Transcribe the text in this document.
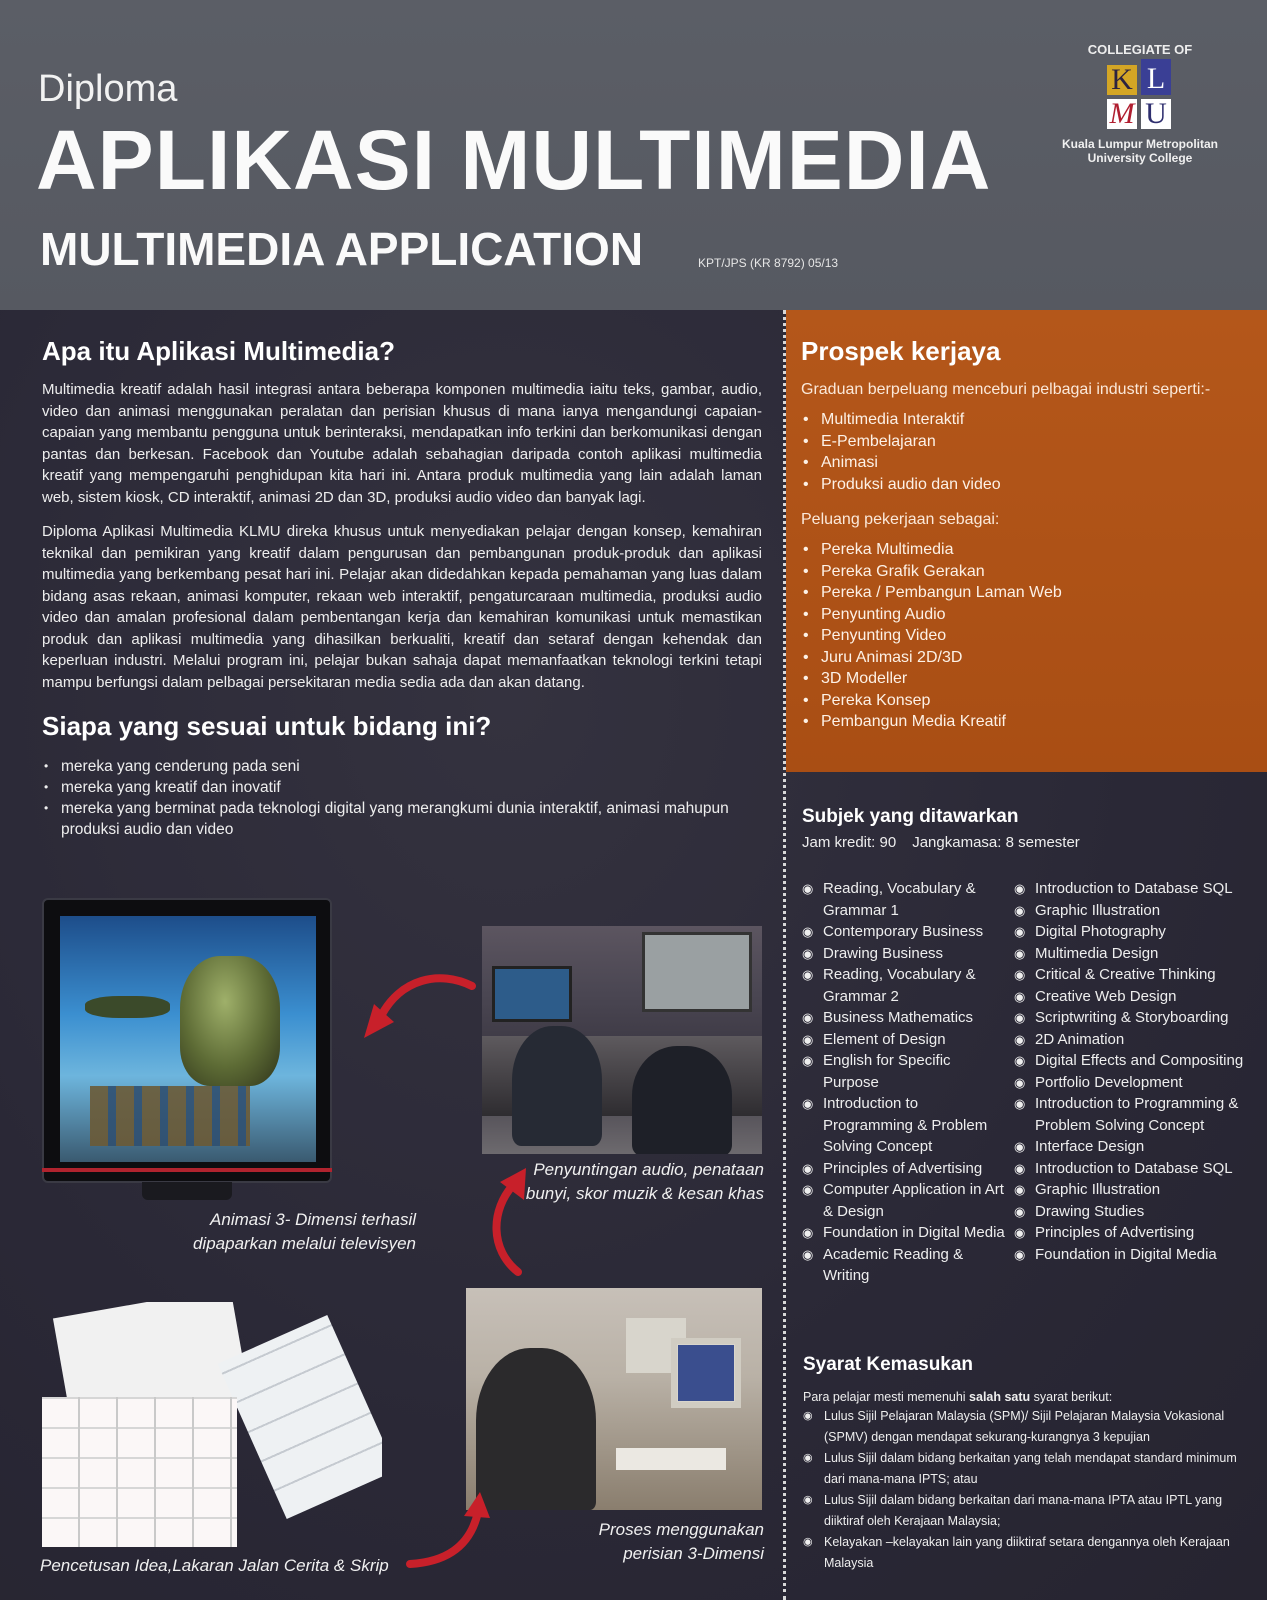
Diploma
APLIKASI MULTIMEDIA
MULTIMEDIA APPLICATION	KPT/JPS (KR 8792) 05/13
COLLEGIATE OF
K L
M U
Kuala Lumpur Metropolitan
University College
Apa itu Aplikasi Multimedia?

Multimedia kreatif adalah hasil integrasi antara beberapa komponen multimedia iaitu teks, gambar, audio, video dan animasi menggunakan peralatan dan perisian khusus di mana ianya mengandungi capaian-capaian yang membantu pengguna untuk berinteraksi, mendapatkan info terkini dan berkomunikasi dengan pantas dan berkesan. Facebook dan Youtube adalah sebahagian daripada contoh aplikasi multimedia kreatif yang mempengaruhi penghidupan kita hari ini. Antara produk multimedia yang lain adalah laman web, sistem kiosk, CD interaktif, animasi 2D dan 3D, produksi audio video dan banyak lagi.

Diploma Aplikasi Multimedia KLMU direka khusus untuk menyediakan pelajar dengan konsep, kemahiran teknikal dan pemikiran yang kreatif dalam pengurusan dan pembangunan produk-produk dan aplikasi multimedia yang berkembang pesat hari ini. Pelajar akan didedahkan kepada pemahaman yang luas dalam bidang asas rekaan, animasi komputer, rekaan web interaktif, pengaturcaraan multimedia, produksi audio video dan amalan profesional dalam pembentangan kerja dan kemahiran komunikasi untuk memastikan produk dan aplikasi multimedia yang dihasilkan berkualiti, kreatif dan setaraf dengan kehendak dan keperluan industri. Melalui program ini, pelajar bukan sahaja dapat memanfaatkan teknologi terkini tetapi mampu berfungsi dalam pelbagai persekitaran media sedia ada dan akan datang.

Siapa yang sesuai untuk bidang ini?
• mereka yang cenderung pada seni
• mereka yang kreatif dan inovatif
• mereka yang berminat pada teknologi digital yang merangkumi dunia interaktif, animasi mahupun produksi audio dan video
Animasi 3- Dimensi terhasil dipaparkan melalui televisyen
Penyuntingan audio, penataan bunyi, skor muzik & kesan khas
Pencetusan Idea,Lakaran Jalan Cerita & Skrip
Proses menggunakan perisian 3-Dimensi
Prospek kerjaya
Graduan berpeluang menceburi pelbagai industri seperti:-
• Multimedia Interaktif
• E-Pembelajaran
• Animasi
• Produksi audio dan video
Peluang pekerjaan sebagai:
• Pereka Multimedia
• Pereka Grafik Gerakan
• Pereka / Pembangun Laman Web
• Penyunting Audio
• Penyunting Video
• Juru Animasi 2D/3D
• 3D Modeller
• Pereka Konsep
• Pembangun Media Kreatif
Subjek yang ditawarkan
Jam kredit: 90 Jangkamasa: 8 semester
◉ Reading, Vocabulary & Grammar 1
◉ Contemporary Business
◉ Drawing Business
◉ Reading, Vocabulary & Grammar 2
◉ Business Mathematics
◉ Element of Design
◉ English for Specific Purpose
◉ Introduction to Programming & Problem Solving Concept
◉ Principles of Advertising
◉ Computer Application in Art & Design
◉ Foundation in Digital Media
◉ Academic Reading & Writing
◉ Introduction to Database SQL
◉ Graphic Illustration
◉ Digital Photography
◉ Multimedia Design
◉ Critical & Creative Thinking
◉ Creative Web Design
◉ Scriptwriting & Storyboarding
◉ 2D Animation
◉ Digital Effects and Compositing
◉ Portfolio Development
◉ Introduction to Programming & Problem Solving Concept
◉ Interface Design
◉ Introduction to Database SQL
◉ Graphic Illustration
◉ Drawing Studies
◉ Principles of Advertising
◉ Foundation in Digital Media
Syarat Kemasukan
Para pelajar mesti memenuhi salah satu syarat berikut:
◉ Lulus Sijil Pelajaran Malaysia (SPM)/ Sijil Pelajaran Malaysia Vokasional (SPMV) dengan mendapat sekurang-kurangnya 3 kepujian
◉ Lulus Sijil dalam bidang berkaitan yang telah mendapat standard minimum dari mana-mana IPTS; atau
◉ Lulus Sijil dalam bidang berkaitan dari mana-mana IPTA atau IPTL yang diiktiraf oleh Kerajaan Malaysia;
◉ Kelayakan –kelayakan lain yang diiktiraf setara dengannya oleh Kerajaan Malaysia
